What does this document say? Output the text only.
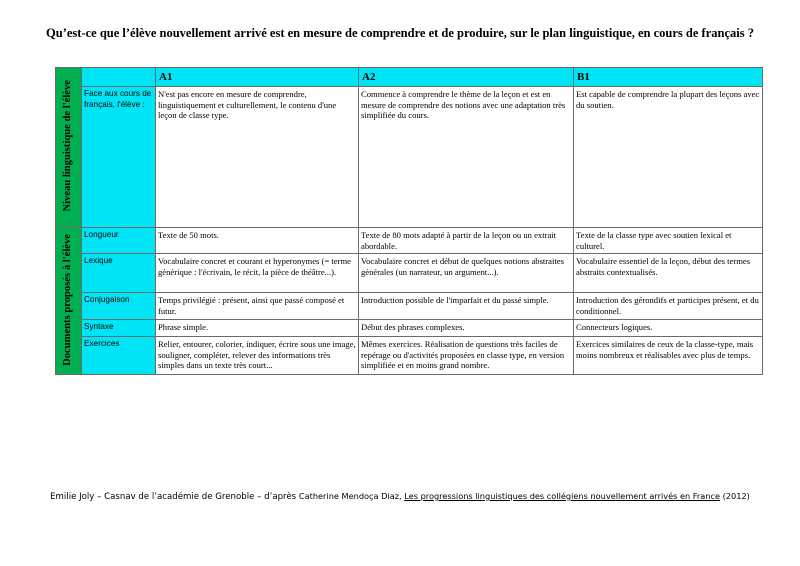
Qu’est-ce que l’élève nouvellement arrivé est en mesure de comprendre et de produire, sur le plan linguistique, en cours de français ?
Niveau linguistique de l'élève		A1	A2	B1
	Face aux cours de français, l'élève :	N'est pas encore en mesure de comprendre, linguistiquement et culturellement, le contenu d'une leçon de classe type.	Commence à comprendre le thème de la leçon et est en mesure de comprendre des notions avec une adaptation très simplifiée du cours.	Est capable de comprendre la plupart des leçons avec du soutien.
Documents proposés à l'élève	Longueur	Texte de 50 mots.	Texte de 80 mots adapté à partir de la leçon ou un extrait abordable.	Texte de la classe type avec soutien lexical et culturel.
	Lexique	Vocabulaire concret et courant et hyperonymes (= terme générique : l'écrivain, le récit, la pièce de théâtre...).	Vocabulaire concret et début de quelques notions abstraites générales (un narrateur, un argument...).	Vocabulaire essentiel de la leçon, début des termes abstraits contextualisés.
	Conjugaison	Temps privilégié : présent, ainsi que passé composé et futur.	Introduction possible de l'imparfait et du passé simple.	Introduction des gérondifs et participes présent, et du conditionnel.
	Syntaxe	Phrase simple.	Début des phrases complexes.	Connecteurs logiques.
	Exercices	Relier, entourer, colorier, indiquer, écrire sous une image, souligner, compléter, relever des informations très simples dans un texte très court...	Mêmes exercices. Réalisation de questions très faciles de repérage ou d'activités proposées en classe type, en version simplifiée et en moins grand nombre.	Exercices similaires de ceux de la classe-type, mais moins nombreux et réalisables avec plus de temps.
Emilie Joly – Casnav de l’académie de Grenoble – d’après Catherine Mendoça Diaz, Les progressions linguistiques des collégiens nouvellement arrivés en France (2012)
